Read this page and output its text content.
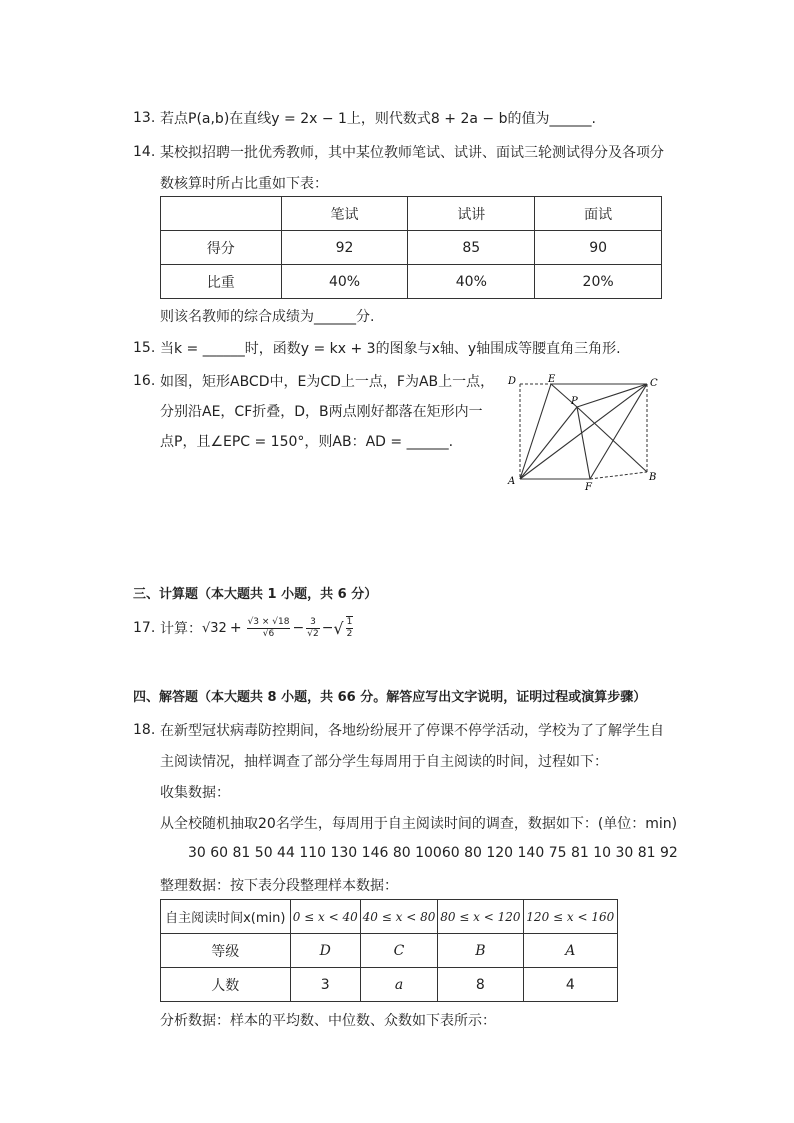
13. 若点P(a,b)在直线y = 2x − 1上，则代数式8 + 2a − b的值为______.
14. 某校拟招聘一批优秀教师，其中某位教师笔试、试讲、面试三轮测试得分及各项分
数核算时所占比重如下表：
	笔试	试讲	面试
得分	92	85	90
比重	40%	40%	20%
则该名教师的综合成绩为______分.
15. 当k = ______时，函数y = kx + 3的图象与x轴、y轴围成等腰直角三角形.
16. 如图，矩形ABCD中，E为CD上一点，F为AB上一点，
分别沿AE，CF折叠，D，B两点刚好都落在矩形内一
点P，且∠EPC = 150°，则AB：AD = ______.
D	E	C
P
A
F
B
三、计算题（本大题共 1 小题，共 6 分）
17. 计算： $√32 + \frac{√3 \times √18}{√6} - \frac{3}{√2}$ − √ $\frac{1}{2}$
四、解答题（本大题共 8 小题，共 66 分。解答应写出文字说明，证明过程或演算步骤）
18. 在新型冠状病毒防控期间，各地纷纷展开了停课不停学活动，学校为了了解学生自
主阅读情况，抽样调查了部分学生每周用于自主阅读的时间，过程如下：
收集数据：
从全校随机抽取20名学生，每周用于自主阅读时间的调查，数据如下：(单位：min)
30 60 81 50 44 110 130 146 80 10060 80 120 140 75 81 10 30 81 92
整理数据：按下表分段整理样本数据：
自主阅读时间x(min)	0 ≤ x < 40	40 ≤ x < 80	80 ≤ x < 120	120 ≤ x < 160
等级	D	C	B	A
人数	3	a	8	4
分析数据：样本的平均数、中位数、众数如下表所示：
